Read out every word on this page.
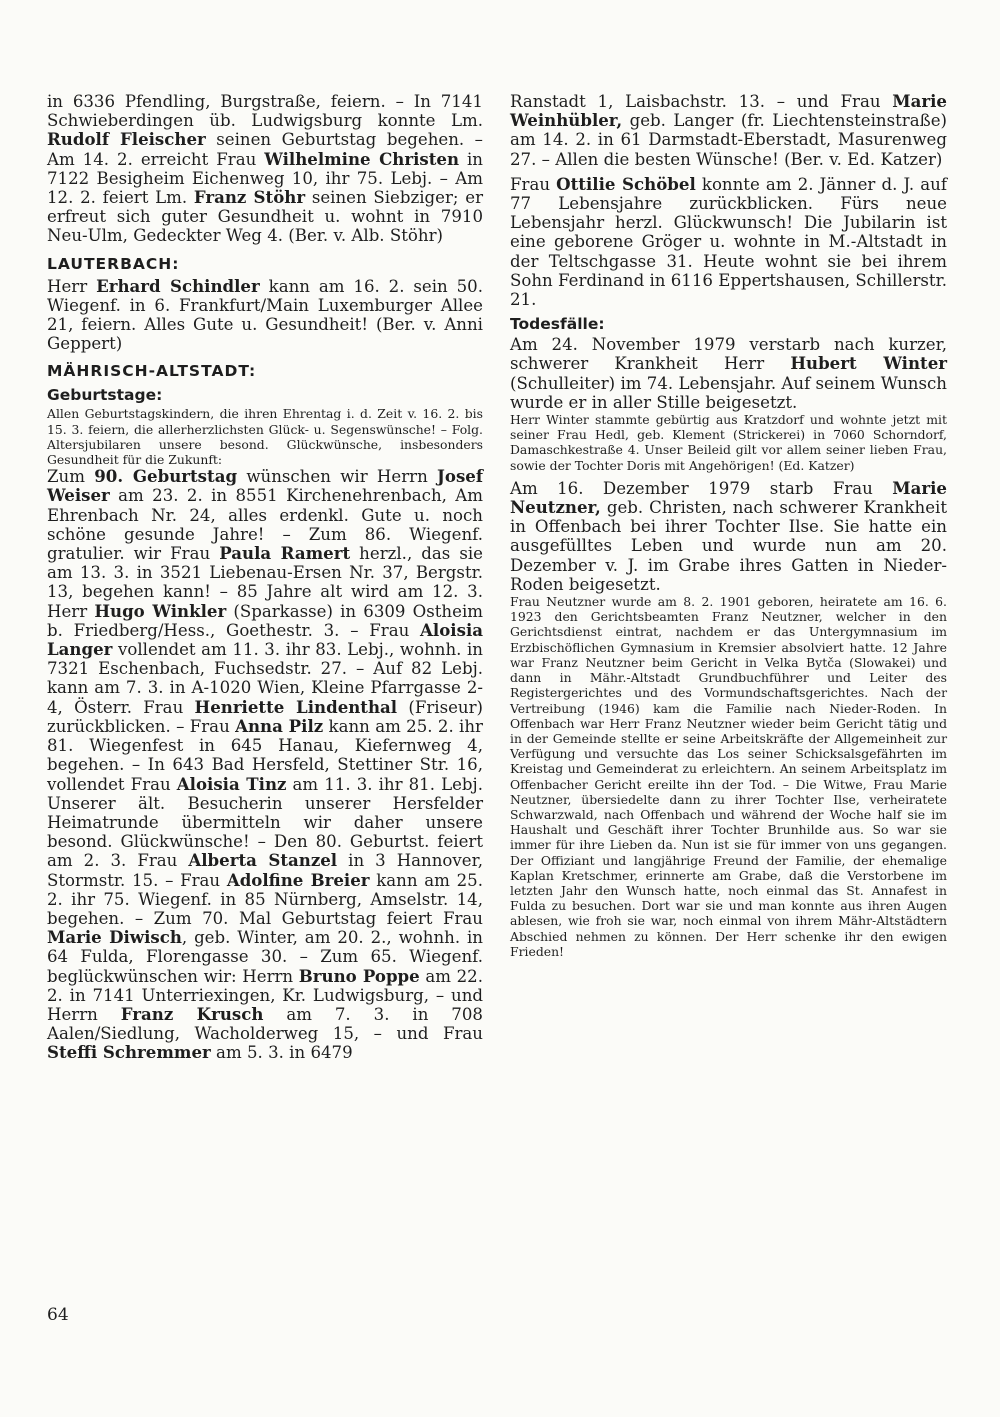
in 6336 Pfendling, Burgstraße, feiern. – In 7141 Schwieberdingen üb. Ludwigsburg konnte Lm. Rudolf Fleischer seinen Geburtstag begehen. – Am 14. 2. erreicht Frau Wilhelmine Christen in 7122 Besigheim Eichenweg 10, ihr 75. Lebj. – Am 12. 2. feiert Lm. Franz Stöhr seinen Siebziger; er erfreut sich guter Gesundheit u. wohnt in 7910 Neu-Ulm, Gedeckter Weg 4. (Ber. v. Alb. Stöhr)

LAUTERBACH:

Herr Erhard Schindler kann am 16. 2. sein 50. Wiegenf. in 6. Frankfurt/Main Luxemburger Allee 21, feiern. Alles Gute u. Gesundheit! (Ber. v. Anni Geppert)

MÄHRISCH-ALTSTADT:
Geburtstage:

Allen Geburtstagskindern, die ihren Ehrentag i. d. Zeit v. 16. 2. bis 15. 3. feiern, die allerherzlichsten Glück- u. Segenswünsche! – Folg. Altersjubilaren unsere besond. Glückwünsche, insbesonders Gesundheit für die Zukunft:

Zum 90. Geburtstag wünschen wir Herrn Josef Weiser am 23. 2. in 8551 Kirchenehrenbach, Am Ehrenbach Nr. 24, alles erdenkl. Gute u. noch schöne gesunde Jahre! – Zum 86. Wiegenf. gratulier. wir Frau Paula Ramert herzl., das sie am 13. 3. in 3521 Liebenau-Ersen Nr. 37, Bergstr. 13, begehen kann! – 85 Jahre alt wird am 12. 3. Herr Hugo Winkler (Sparkasse) in 6309 Ostheim b. Friedberg/Hess., Goethestr. 3. – Frau Aloisia Langer vollendet am 11. 3. ihr 83. Lebj., wohnh. in 7321 Eschenbach, Fuchsedstr. 27. – Auf 82 Lebj. kann am 7. 3. in A-1020 Wien, Kleine Pfarrgasse 2-4, Österr. Frau Henriette Lindenthal (Friseur) zurückblicken. – Frau Anna Pilz kann am 25. 2. ihr 81. Wiegenfest in 645 Hanau, Kiefernweg 4, begehen. – In 643 Bad Hersfeld, Stettiner Str. 16, vollendet Frau Aloisia Tinz am 11. 3. ihr 81. Lebj. Unserer ält. Besucherin unserer Hersfelder Heimatrunde übermitteln wir daher unsere besond. Glückwünsche! – Den 80. Geburtst. feiert am 2. 3. Frau Alberta Stanzel in 3 Hannover, Stormstr. 15. – Frau Adolfine Breier kann am 25. 2. ihr 75. Wiegenf. in 85 Nürnberg, Amselstr. 14, begehen. – Zum 70. Mal Geburtstag feiert Frau Marie Diwisch, geb. Winter, am 20. 2., wohnh. in 64 Fulda, Florengasse 30. – Zum 65. Wiegenf. beglückwünschen wir: Herrn Bruno Poppe am 22. 2. in 7141 Unterriexingen, Kr. Ludwigsburg, – und Herrn Franz Krusch am 7. 3. in 708 Aalen/Siedlung, Wacholderweg 15, – und Frau Steffi Schremmer am 5. 3. in 6479

Ranstadt 1, Laisbachstr. 13. – und Frau Marie Weinhübler, geb. Langer (fr. Liechtensteinstraße) am 14. 2. in 61 Darmstadt-Eberstadt, Masurenweg 27. – Allen die besten Wünsche! (Ber. v. Ed. Katzer)

Frau Ottilie Schöbel konnte am 2. Jänner d. J. auf 77 Lebensjahre zurückblicken. Fürs neue Lebensjahr herzl. Glückwunsch! Die Jubilarin ist eine geborene Gröger u. wohnte in M.-Altstadt in der Teltschgasse 31. Heute wohnt sie bei ihrem Sohn Ferdinand in 6116 Eppertshausen, Schillerstr. 21.

Todesfälle:

Am 24. November 1979 verstarb nach kurzer, schwerer Krankheit Herr Hubert Winter (Schulleiter) im 74. Lebensjahr. Auf seinem Wunsch wurde er in aller Stille beigesetzt.

Herr Winter stammte gebürtig aus Kratzdorf und wohnte jetzt mit seiner Frau Hedl, geb. Klement (Strickerei) in 7060 Schorndorf, Damaschkestraße 4. Unser Beileid gilt vor allem seiner lieben Frau, sowie der Tochter Doris mit Angehörigen! (Ed. Katzer)

Am 16. Dezember 1979 starb Frau Marie Neutzner, geb. Christen, nach schwerer Krankheit in Offenbach bei ihrer Tochter Ilse. Sie hatte ein ausgefülltes Leben und wurde nun am 20. Dezember v. J. im Grabe ihres Gatten in Nieder-Roden beigesetzt.

Frau Neutzner wurde am 8. 2. 1901 geboren, heiratete am 16. 6. 1923 den Gerichtsbeamten Franz Neutzner, welcher in den Gerichtsdienst eintrat, nachdem er das Untergymnasium im Erzbischöflichen Gymnasium in Kremsier absolviert hatte. 12 Jahre war Franz Neutzner beim Gericht in Velka Bytča (Slowakei) und dann in Mähr.-Altstadt Grundbuchführer und Leiter des Registergerichtes und des Vormundschaftsgerichtes. Nach der Vertreibung (1946) kam die Familie nach Nieder-Roden. In Offenbach war Herr Franz Neutzner wieder beim Gericht tätig und in der Gemeinde stellte er seine Arbeitskräfte der Allgemeinheit zur Verfügung und versuchte das Los seiner Schicksalsgefährten im Kreistag und Gemeinderat zu erleichtern. An seinem Arbeitsplatz im Offenbacher Gericht ereilte ihn der Tod. – Die Witwe, Frau Marie Neutzner, übersiedelte dann zu ihrer Tochter Ilse, verheiratete Schwarzwald, nach Offenbach und während der Woche half sie im Haushalt und Geschäft ihrer Tochter Brunhilde aus. So war sie immer für ihre Lieben da. Nun ist sie für immer von uns gegangen. Der Offiziant und langjährige Freund der Familie, der ehemalige Kaplan Kretschmer, erinnerte am Grabe, daß die Verstorbene im letzten Jahr den Wunsch hatte, noch einmal das St. Annafest in Fulda zu besuchen. Dort war sie und man konnte aus ihren Augen ablesen, wie froh sie war, noch einmal von ihrem Mähr-Altstädtern Abschied nehmen zu können. Der Herr schenke ihr den ewigen Frieden!

64
